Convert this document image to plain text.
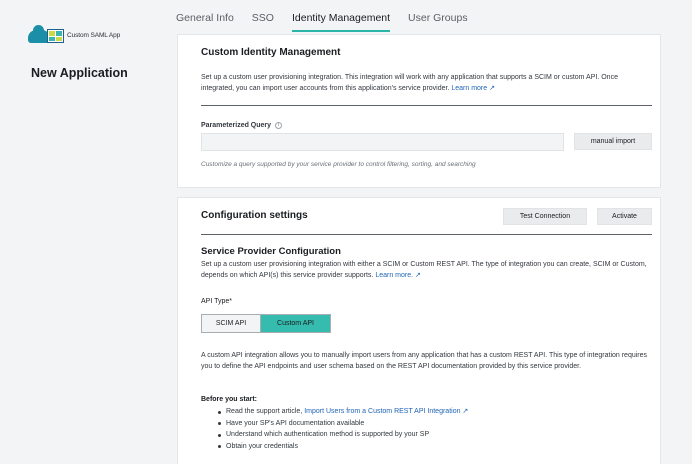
Custom SAML App
New Application
General Info SSO Identity Management User Groups
Custom Identity Management

Set up a custom user provisioning integration. This integration will work with any application that supports a SCIM or custom API. Once integrated, you can import user accounts from this application's service provider. Learn more ↗

Parameterized Query	i
manual import
Customize a query supported by your service provider to control filtering, sorting, and searching
Configuration settings	Test Connection	Activate
Service Provider Configuration

Set up a custom user provisioning integration with either a SCIM or Custom REST API. The type of integration you can create, SCIM or Custom, depends on which API(s) this service provider supports. Learn more. ↗

API Type*
SCIM API	Custom API

A custom API integration allows you to manually import users from any application that has a custom REST API. This type of integration requires you to define the API endpoints and user schema based on the REST API documentation provided by this service provider.

Before you start:
Read the support article, Import Users from a Custom REST API Integration ↗
Have your SP's API documentation available
Understand which authentication method is supported by your SP
Obtain your credentials
